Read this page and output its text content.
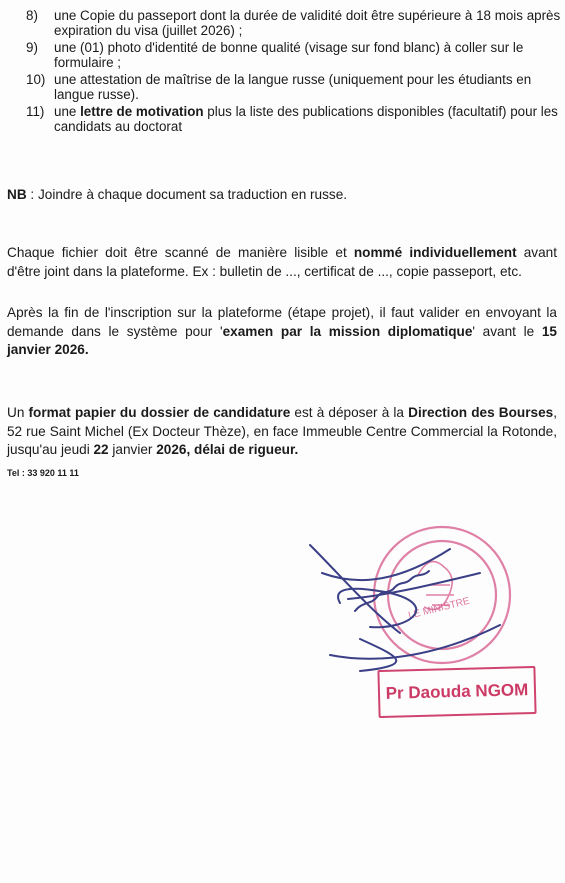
8)	une Copie du passeport dont la durée de validité doit être supérieure à 18 mois après expiration du visa (juillet 2026) ;
9)	une (01) photo d'identité de bonne qualité (visage sur fond blanc) à coller sur le formulaire ;
10) une attestation de maîtrise de la langue russe (uniquement pour les étudiants en langue russe).
11) une lettre de motivation plus la liste des publications disponibles (facultatif) pour les candidats au doctorat
NB : Joindre à chaque document sa traduction en russe.
Chaque fichier doit être scanné de manière lisible et nommé individuellement avant d'être joint dans la plateforme. Ex : bulletin de ..., certificat de ..., copie passeport, etc.
Après la fin de l'inscription sur la plateforme (étape projet), il faut valider en envoyant la demande dans le système pour 'examen par la mission diplomatique' avant le 15 janvier 2026.
Un format papier du dossier de candidature est à déposer à la Direction des Bourses, 52 rue Saint Michel (Ex Docteur Thèze), en face Immeuble Centre Commercial la Rotonde, jusqu'au jeudi 22 janvier 2026, délai de rigueur.
Tel : 33 920 11 11
LE MINISTRE
Pr Daouda NGOM
